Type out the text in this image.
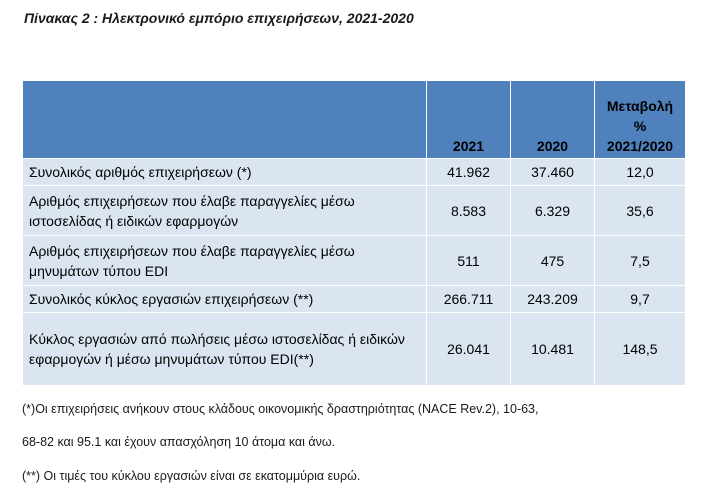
Πίνακας 2 : Ηλεκτρονικό εμπόριο επιχειρήσεων, 2021-2020
	2021	2020	Μεταβολή
%
2021/2020

Συνολικός αριθμός επιχειρήσεων (*)	41.962	37.460	12,0
Αριθμός επιχειρήσεων που έλαβε παραγγελίες μέσω ιστοσελίδας ή ειδικών εφαρμογών	8.583	6.329	35,6
Αριθμός επιχειρήσεων που έλαβε παραγγελίες μέσω μηνυμάτων τύπου EDI	511	475	7,5
Συνολικός κύκλος εργασιών επιχειρήσεων (**)	266.711	243.209	9,7
Κύκλος εργασιών από πωλήσεις μέσω ιστοσελίδας ή ειδικών εφαρμογών ή μέσω μηνυμάτων τύπου EDI(**)	26.041	10.481	148,5
(*)Οι επιχειρήσεις ανήκουν στους κλάδους οικονομικής δραστηριότητας (NACE Rev.2), 10-63,
68-82 και 95.1 και έχουν απασχόληση 10 άτομα και άνω.
(**) Οι τιμές του κύκλου εργασιών είναι σε εκατομμύρια ευρώ.
